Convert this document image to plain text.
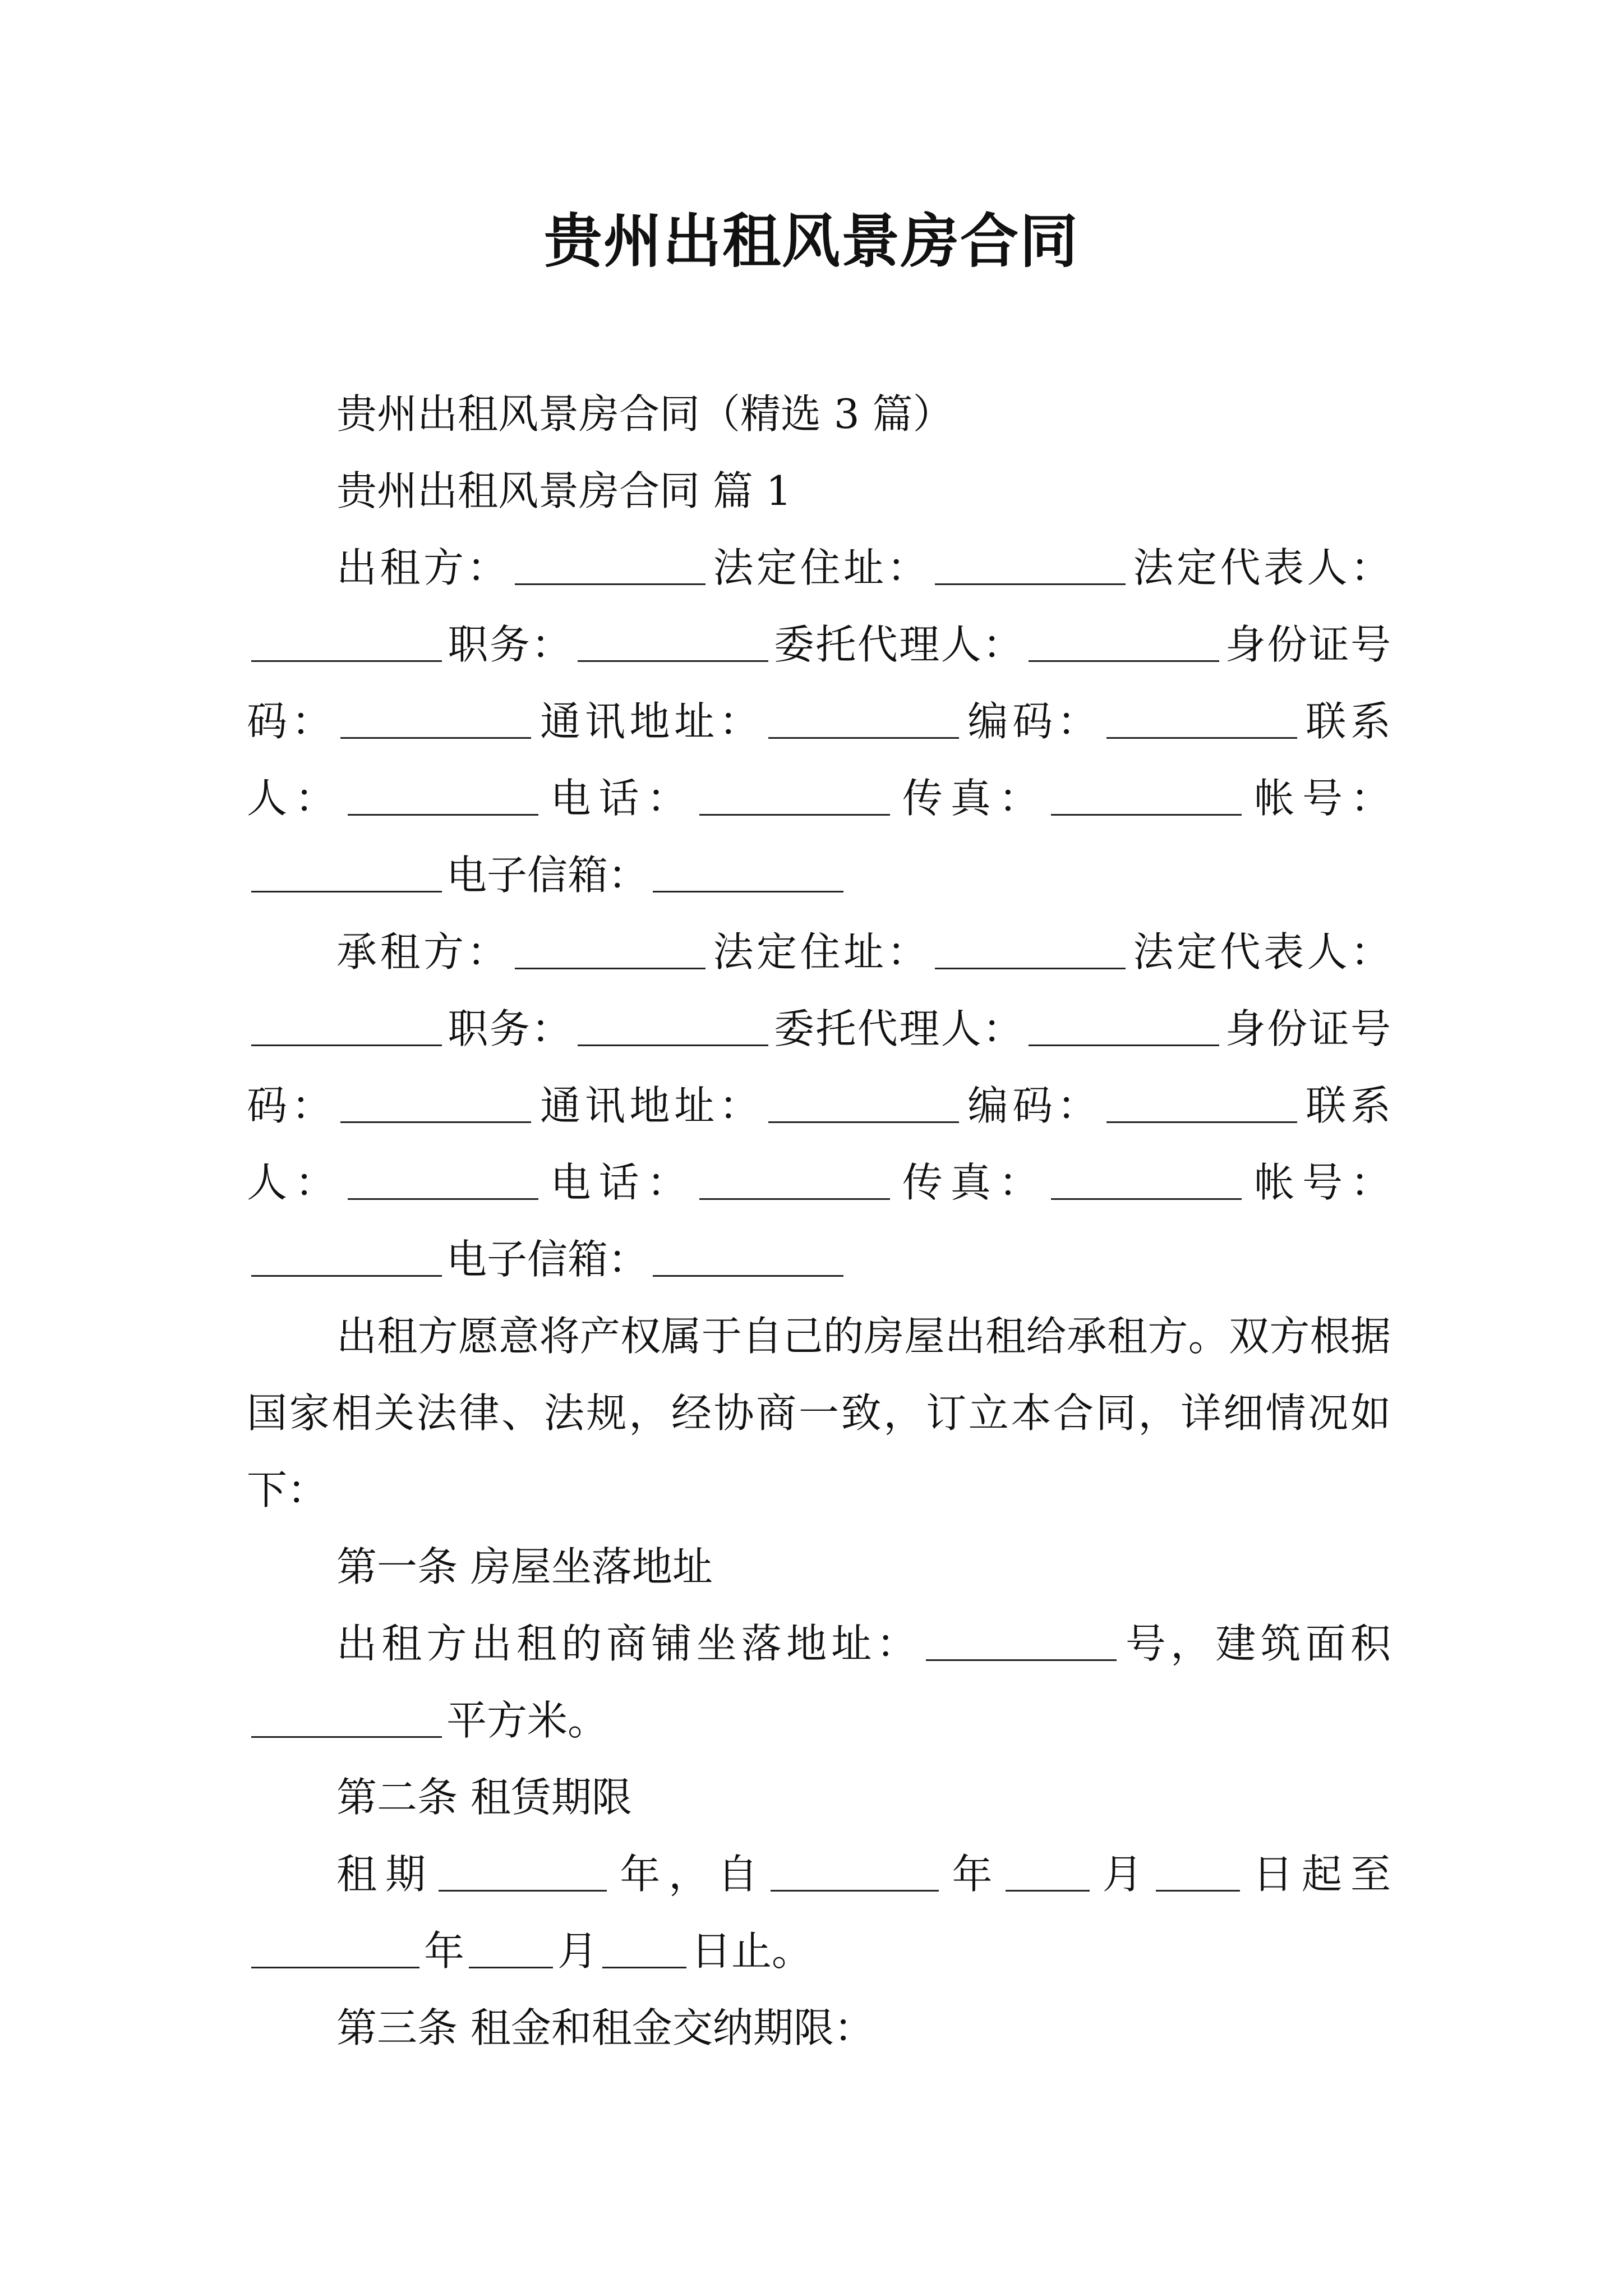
贵州出租风景房合同

贵州出租风景房合同（精选 3 篇）

贵州出租风景房合同 篇 1

出租方：	法定住址：	法定代表人：职务：	委托代理人：	身份证号码：	通讯地址：	编码：	联系人：	电话：	传真：	帐号：电子信箱：

承租方：	法定住址：	法定代表人：职务：	委托代理人：	身份证号码：	通讯地址：	编码：	联系人：	电话：	传真：	帐号：电子信箱：

出租方愿意将产权属于自己的房屋出租给承租方。双方根据国家相关法律、法规，经协商一致，订立本合同，详细情况如下：

第一条 房屋坐落地址

出租方出租的商铺坐落地址：	号，建筑面积平方米。

第二条 租赁期限

租期	年，自	年 月 日起至年 月 日止。

第三条 租金和租金交纳期限：
